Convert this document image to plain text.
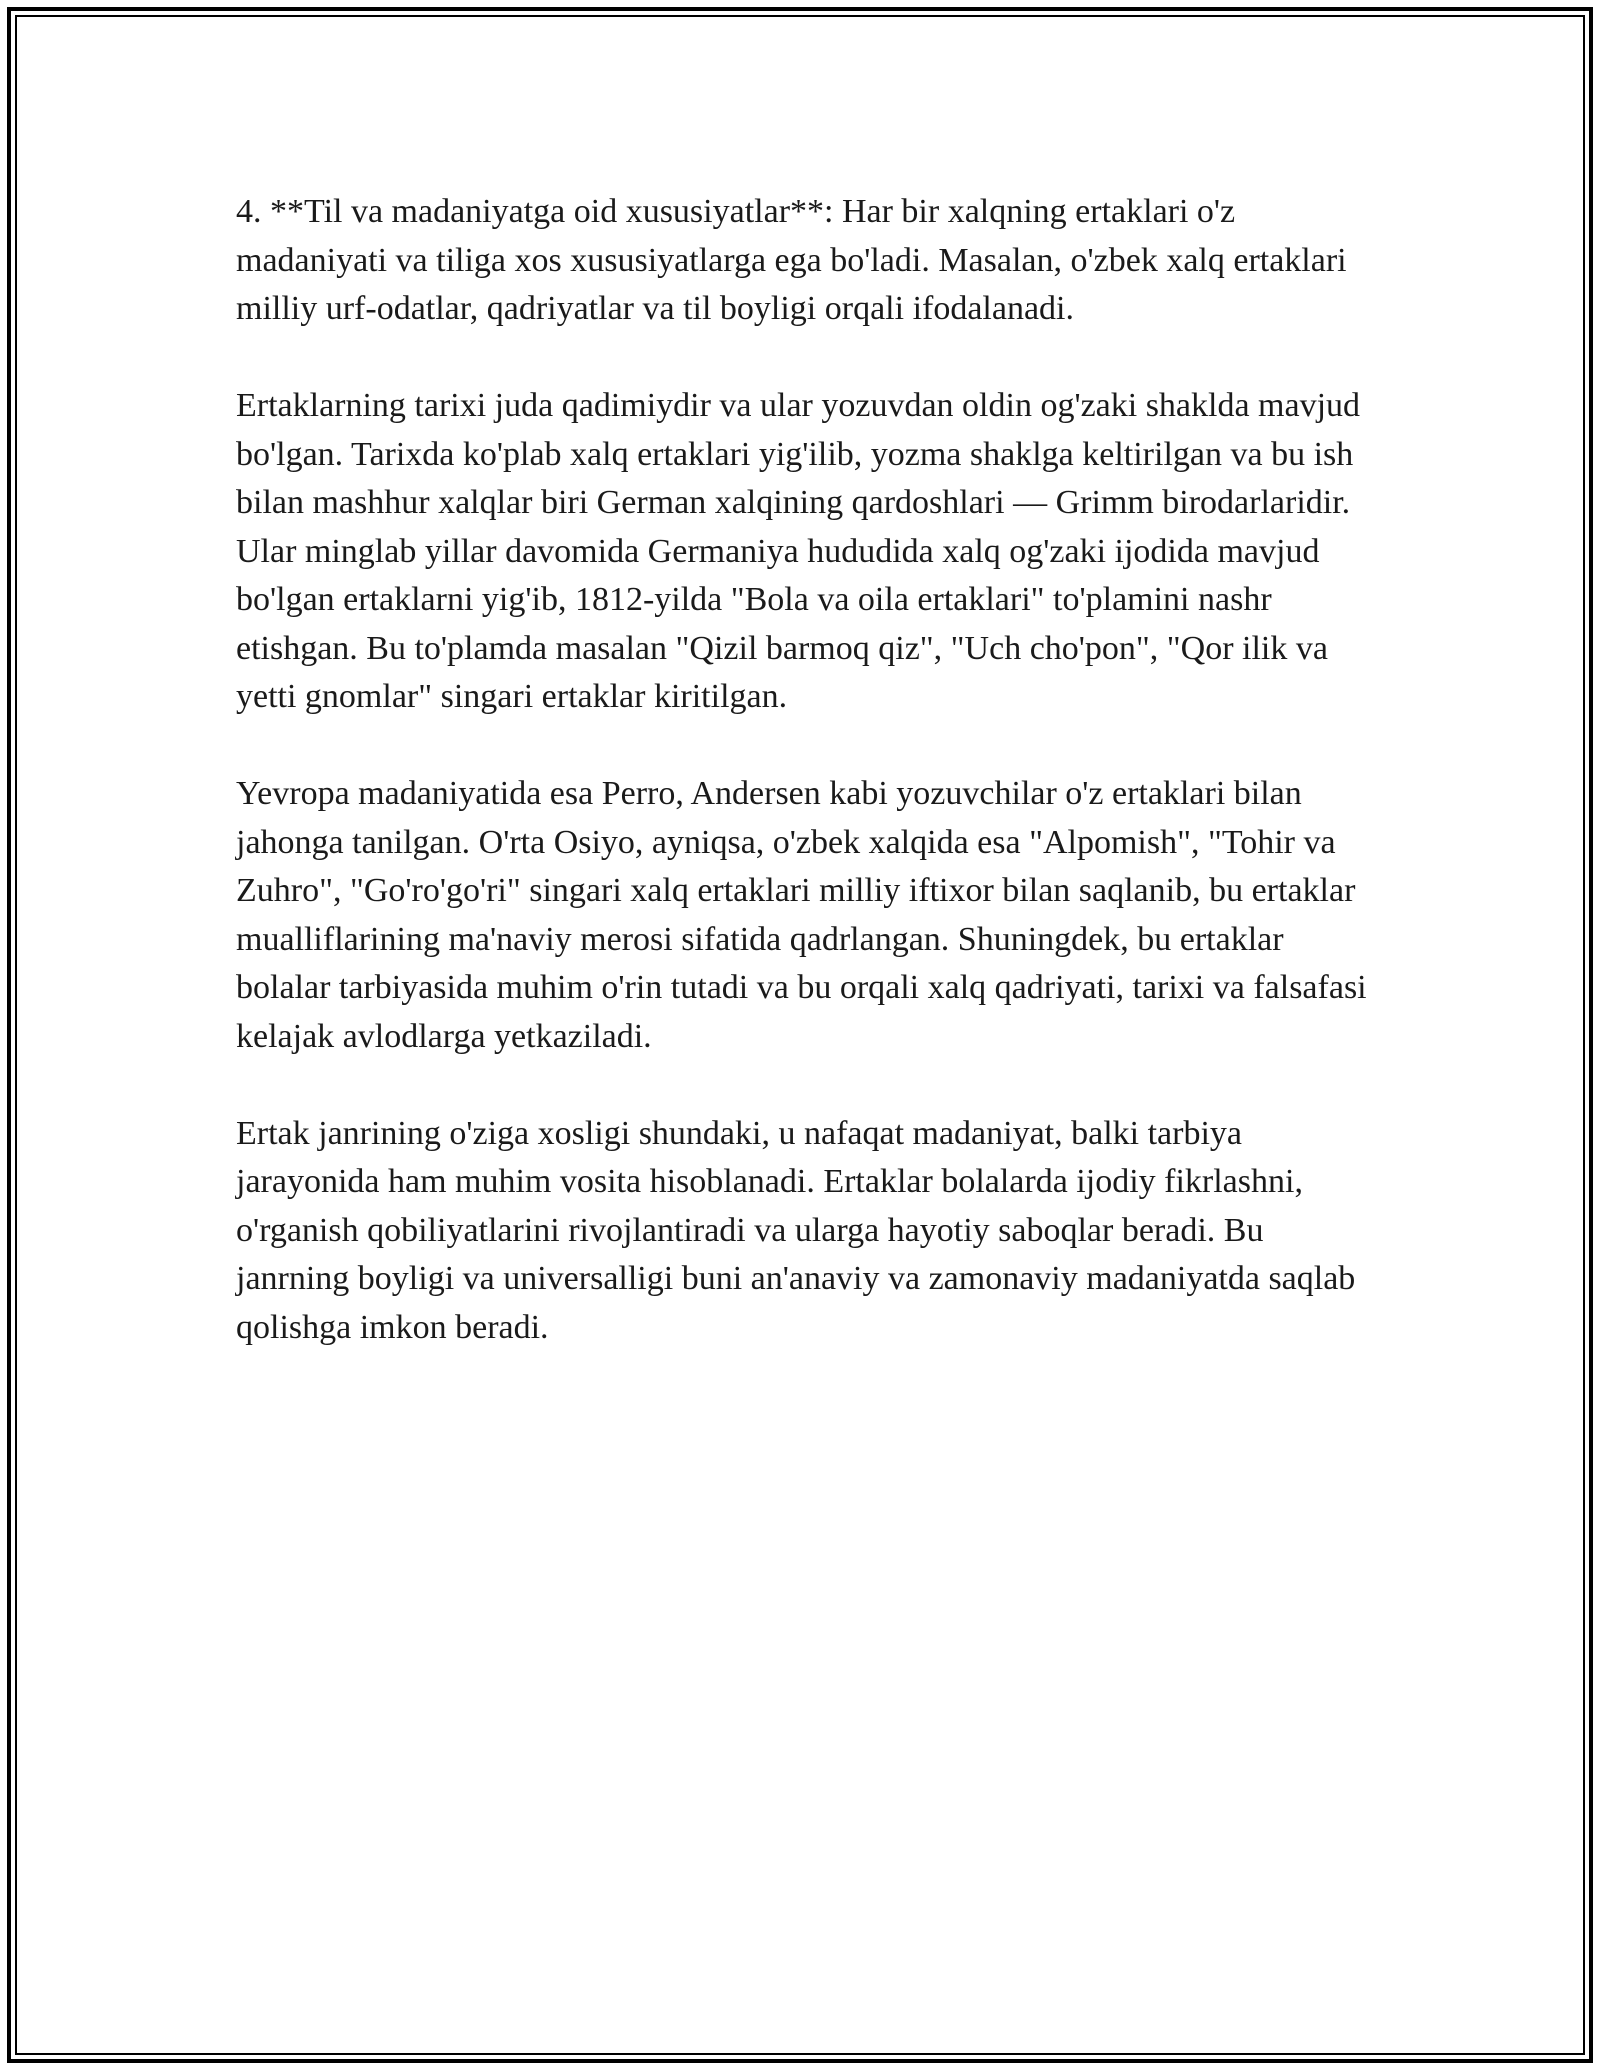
4. **Til va madaniyatga oid xususiyatlar**: Har bir xalqning ertaklari o'z madaniyati va tiliga xos xususiyatlarga ega bo'ladi. Masalan, o'zbek xalq ertaklari milliy urf-odatlar, qadriyatlar va til boyligi orqali ifodalanadi.

Ertaklarning tarixi juda qadimiydir va ular yozuvdan oldin og'zaki shaklda mavjud bo'lgan. Tarixda ko'plab xalq ertaklari yig'ilib, yozma shaklga keltirilgan va bu ish bilan mashhur xalqlar biri German xalqining qardoshlari — Grimm birodarlaridir. Ular minglab yillar davomida Germaniya hududida xalq og'zaki ijodida mavjud bo'lgan ertaklarni yig'ib, 1812-yilda "Bola va oila ertaklari" to'plamini nashr etishgan. Bu to'plamda masalan "Qizil barmoq qiz", "Uch cho'pon", "Qor ilik va yetti gnomlar" singari ertaklar kiritilgan.

Yevropa madaniyatida esa Perro, Andersen kabi yozuvchilar o'z ertaklari bilan jahonga tanilgan. O'rta Osiyo, ayniqsa, o'zbek xalqida esa "Alpomish", "Tohir va Zuhro", "Go'ro'go'ri" singari xalq ertaklari milliy iftixor bilan saqlanib, bu ertaklar mualliflarining ma'naviy merosi sifatida qadrlangan. Shuningdek, bu ertaklar bolalar tarbiyasida muhim o'rin tutadi va bu orqali xalq qadriyati, tarixi va falsafasi kelajak avlodlarga yetkaziladi.

Ertak janrining o'ziga xosligi shundaki, u nafaqat madaniyat, balki tarbiya jarayonida ham muhim vosita hisoblanadi. Ertaklar bolalarda ijodiy fikrlashni, o'rganish qobiliyatlarini rivojlantiradi va ularga hayotiy saboqlar beradi. Bu janrning boyligi va universalligi buni an'anaviy va zamonaviy madaniyatda saqlab qolishga imkon beradi.
